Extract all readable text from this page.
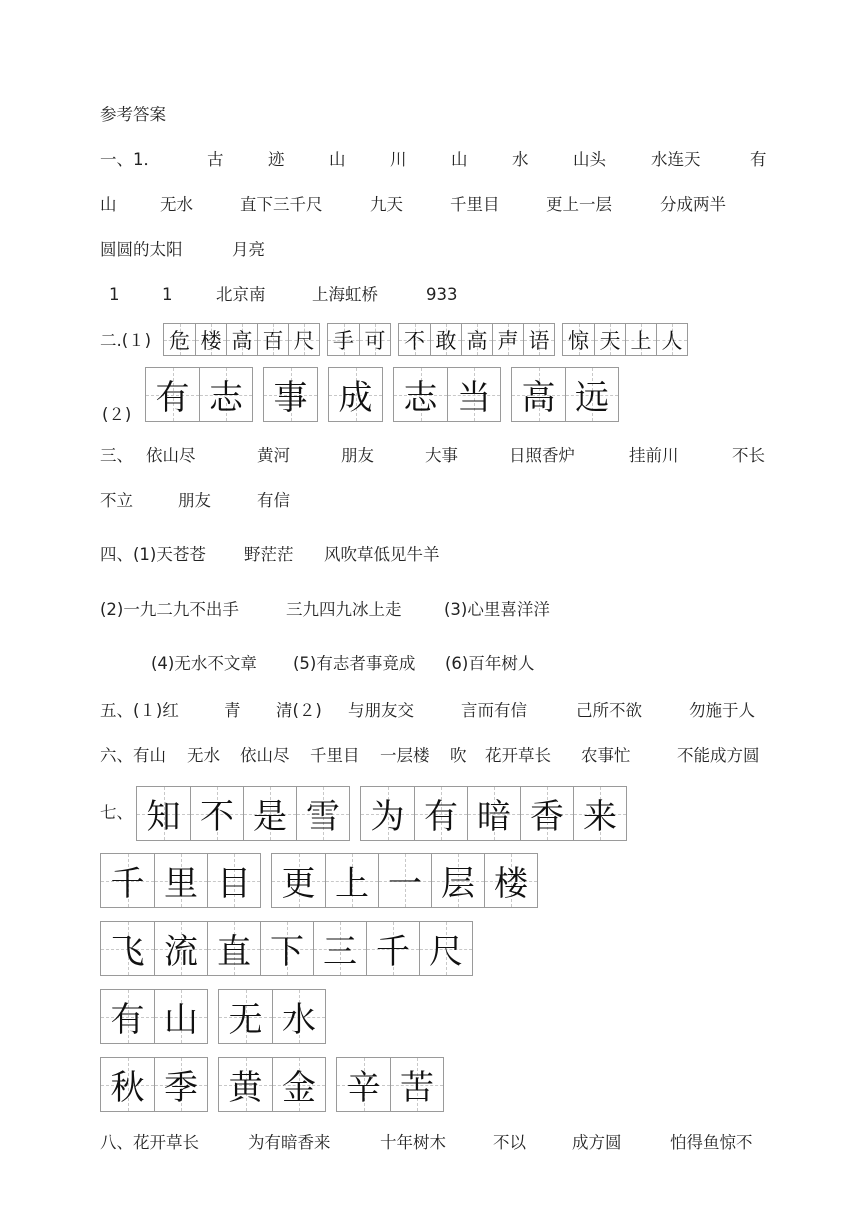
参考答案
一、1．	古	迹	山	川	山	水	山头	水连天	有
山	无水	直下三千尺	九天	千里目	更上一层	分成两半
圆圆的太阳	月亮
1	1	北京南	上海虹桥	933
二.(１) 危 楼 高 百 尺 手 可 不 敢 高 声 语 惊 天 上 人
(２) 有 志 事 成 志 当 高 远
三、 依山尽	黄河	朋友	大事	日照香炉	挂前川	不长
不立	朋友	有信
四、(1)天苍苍 野茫茫 风吹草低见牛羊
(2)一九二九不出手	三九四九冰上走	(3)心里喜洋洋
(4)无水不文章 (5)有志者事竟成 (6)百年树人
五、(１)红	青 清(２) 与朋友交	言而有信	己所不欲	勿施于人
六、有山 无水 依山尽 千里目 一层楼 吹 花开草长 农事忙	不能成方圆
七、 知 不 是 雪 为 有 暗 香 来
千 里 目 更 上 一 层 楼
飞 流 直 下 三 千 尺
有 山 无 水
秋 季 黄 金 辛 苦
八、花开草长	为有暗香来	十年树木	不以	成方圆	怕得鱼惊不
